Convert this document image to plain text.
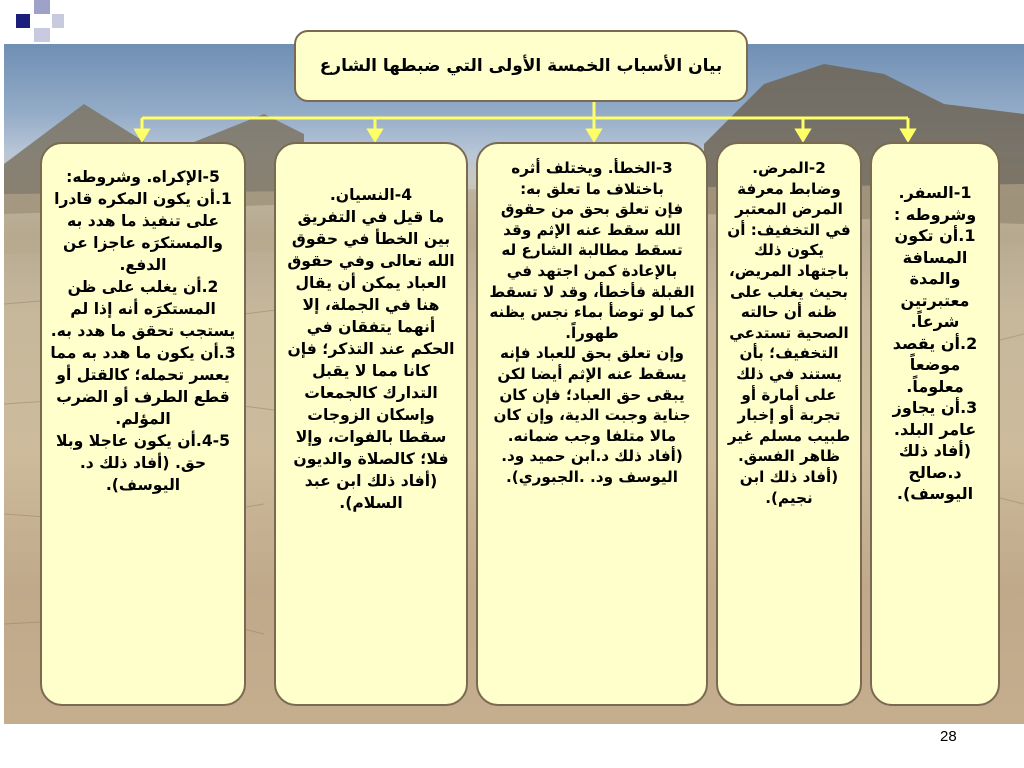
بيان الأسباب الخمسة الأولى التي ضبطها الشارع

1-السفر. وشروطه :

1.أن تكون المسافة والمدة معتبرتين شرعاً.

2.أن يقصد موضعاً معلوماً.

3.أن يجاوز عامر البلد.

(أفاد ذلك د.صالح اليوسف).

2-المرض.

وضابط معرفة المرض المعتبر في التخفيف: أن يكون ذلك باجتهاد المريض، بحيث يغلب على ظنه أن حالته الصحية تستدعي التخفيف؛ بأن يستند في ذلك على أمارة أو تجربة أو إخبار طبيب مسلم غير ظاهر الفسق.

(أفاد ذلك ابن نجيم).

3-الخطأ. ويختلف أثره باختلاف ما تعلق به:

فإن تعلق بحق من حقوق الله سقط عنه الإثم وقد تسقط مطالبة الشارع له بالإعادة كمن اجتهد في القبلة فأخطأ، وقد لا تسقط كما لو توضأ بماء نجس يظنه طهوراً.

وإن تعلق بحق للعباد فإنه يسقط عنه الإثم أيضا لكن يبقى حق العباد؛ فإن كان جناية وجبت الدية، وإن كان مالا متلفا وجب ضمانه.

(أفاد ذلك د.ابن حميد ود. اليوسف ود. .الجبوري).

4-النسيان.

ما قيل في التفريق بين الخطأ في حقوق الله تعالى وفي حقوق العباد يمكن أن يقال هنا في الجملة، إلا أنهما يتفقان في الحكم عند التذكر؛ فإن كانا مما لا يقبل التدارك كالجمعات وإسكان الزوجات سقطا بالفوات، وإلا فلا؛ كالصلاة والديون (أفاد ذلك ابن عبد السلام).

5-الإكراه. وشروطه:

1.أن يكون المكره قادرا على تنفيذ ما هدد به والمستكرَه عاجزا عن الدفع.

2.أن يغلب على ظن المستكرَه أنه إذا لم يستجب تحقق ما هدد به.

3.أن يكون ما هدد به مما يعسر تحمله؛ كالقتل أو قطع الطرف أو الضرب المؤلم.

4-5.أن يكون عاجلا وبلا حق. (أفاد ذلك د. اليوسف).

28
